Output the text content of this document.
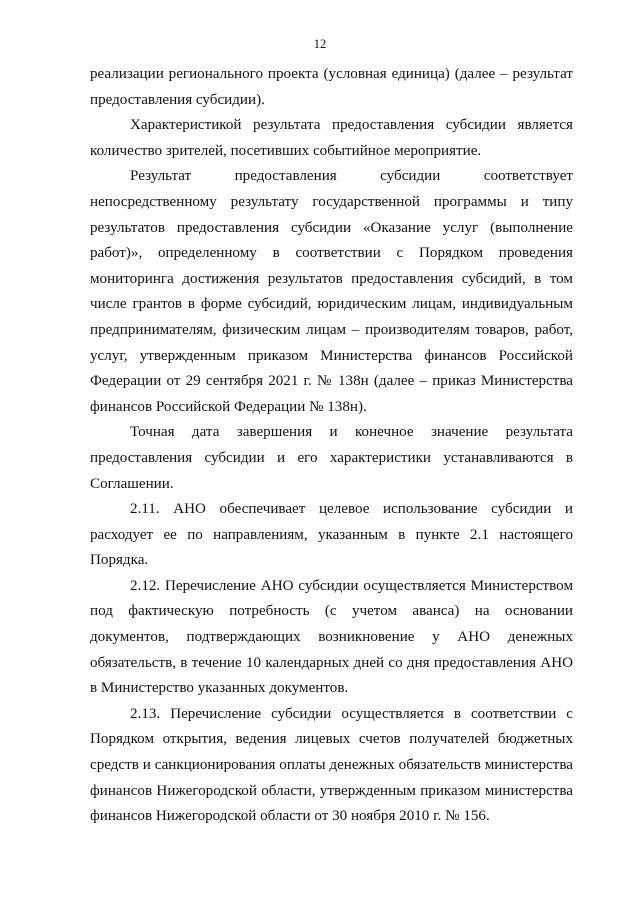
12

реализации регионального проекта (условная единица) (далее – результат предоставления субсидии).

Характеристикой результата предоставления субсидии является количество зрителей, посетивших событийное мероприятие.

Результат предоставления субсидии соответствует непосредственному результату государственной программы и типу результатов предоставления субсидии «Оказание услуг (выполнение работ)», определенному в соответствии с Порядком проведения мониторинга достижения результатов предоставления субсидий, в том числе грантов в форме субсидий, юридическим лицам, индивидуальным предпринимателям, физическим лицам – производителям товаров, работ, услуг, утвержденным приказом Министерства финансов Российской Федерации от 29 сентября 2021 г. № 138н (далее – приказ Министерства финансов Российской Федерации № 138н).

Точная дата завершения и конечное значение результата предоставления субсидии и его характеристики устанавливаются в Соглашении.

2.11. АНО обеспечивает целевое использование субсидии и расходует ее по направлениям, указанным в пункте 2.1 настоящего Порядка.

2.12. Перечисление АНО субсидии осуществляется Министерством под фактическую потребность (с учетом аванса) на основании документов, подтверждающих возникновение у АНО денежных обязательств, в течение 10 календарных дней со дня предоставления АНО в Министерство указанных документов.

2.13. Перечисление субсидии осуществляется в соответствии с Порядком открытия, ведения лицевых счетов получателей бюджетных средств и санкционирования оплаты денежных обязательств министерства финансов Нижегородской области, утвержденным приказом министерства финансов Нижегородской области от 30 ноября 2010 г. № 156.
